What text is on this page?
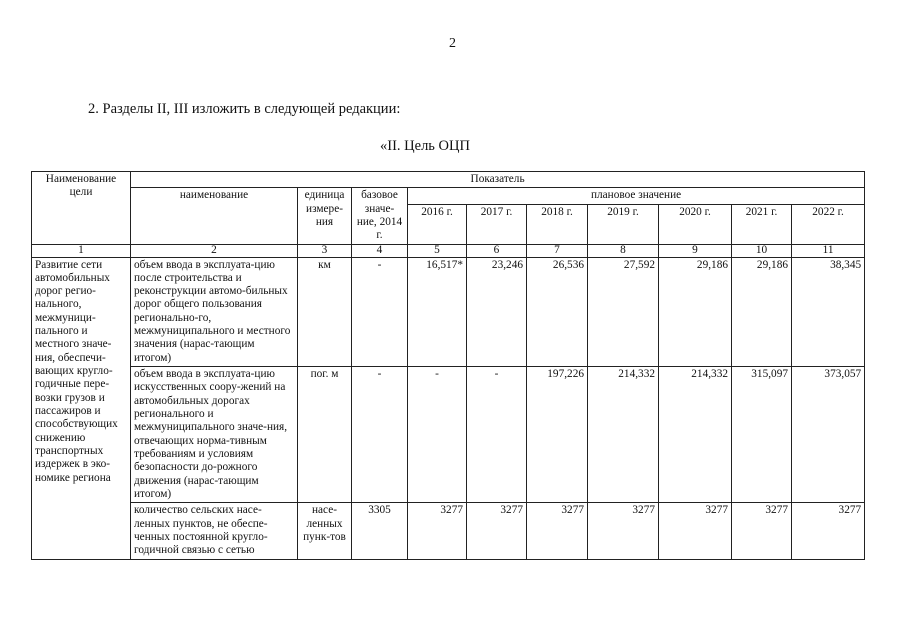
2
2. Разделы II, III изложить в следующей редакции:
«II. Цель ОЦП
Наименование цели	Показатель									
	наименование	единица измере-ния	базовое значе-ние, 2014 г.	плановое значение						
				2016 г.	2017 г.	2018 г.	2019 г.	2020 г.	2021 г.	2022 г.
1	2	3	4	5	6	7	8	9	10	11
Развитие сети автомобильных дорог регио-нального, межмуници-пального и местного значе-ния, обеспечи-вающих кругло-годичные пере-возки грузов и пассажиров и способствующих снижению транспортных издержек в эко-номике региона	объем ввода в эксплуата-цию после строительства и реконструкции автомо-бильных дорог общего пользования регионально-го, межмуниципального и местного значения (нарас-тающим итогом)	км	-	16,517*	23,246	26,536	27,592	29,186	29,186	38,345
	объем ввода в эксплуата-цию искусственных соору-жений на автомобильных дорогах регионального и межмуниципального значе-ния, отвечающих норма-тивным требованиям и условиям безопасности до-рожного движения (нарас-тающим итогом)	пог. м	-	-	-	197,226	214,332	214,332	315,097	373,057
	количество сельских насе-ленных пунктов, не обеспе-ченных постоянной кругло-годичной связью с сетью	насе-ленных пунк-тов	3305	3277	3277	3277	3277	3277	3277	3277
